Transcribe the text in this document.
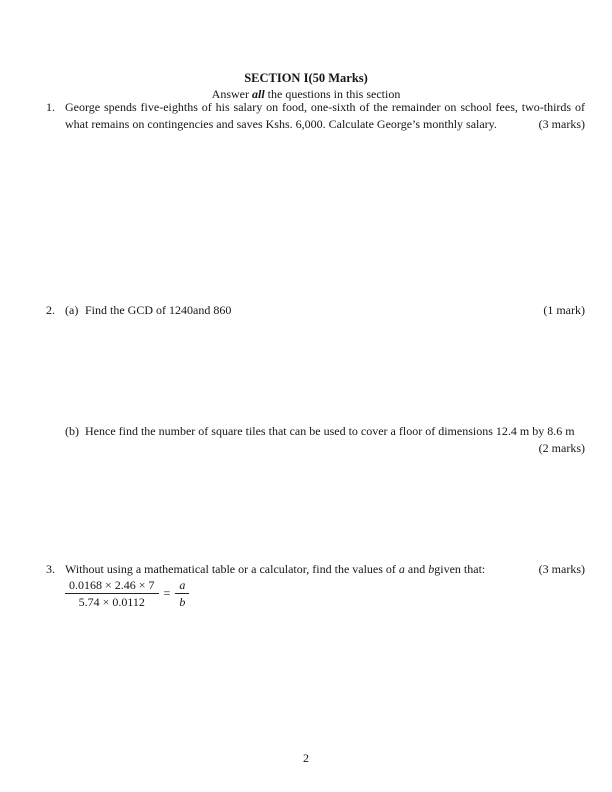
SECTION I(50 Marks)
Answer all the questions in this section
1. George spends five-eighths of his salary on food, one-sixth of the remainder on school fees, two-thirds of what remains on contingencies and saves Kshs. 6,000. Calculate George’s monthly salary.	(3 marks)
2. (a) Find the GCD of 1240and 860	(1 mark)
(b) Hence find the number of square tiles that can be used to cover a floor of dimensions 12.4 m by 8.6 m
(2 marks)
3. Without using a mathematical table or a calculator, find the values of a and bgiven that:	(3 marks)
$\frac{0.0168 \times 2.46 \times 7}{5.74 \times 0.0112} = \frac{a}{b}$
2
